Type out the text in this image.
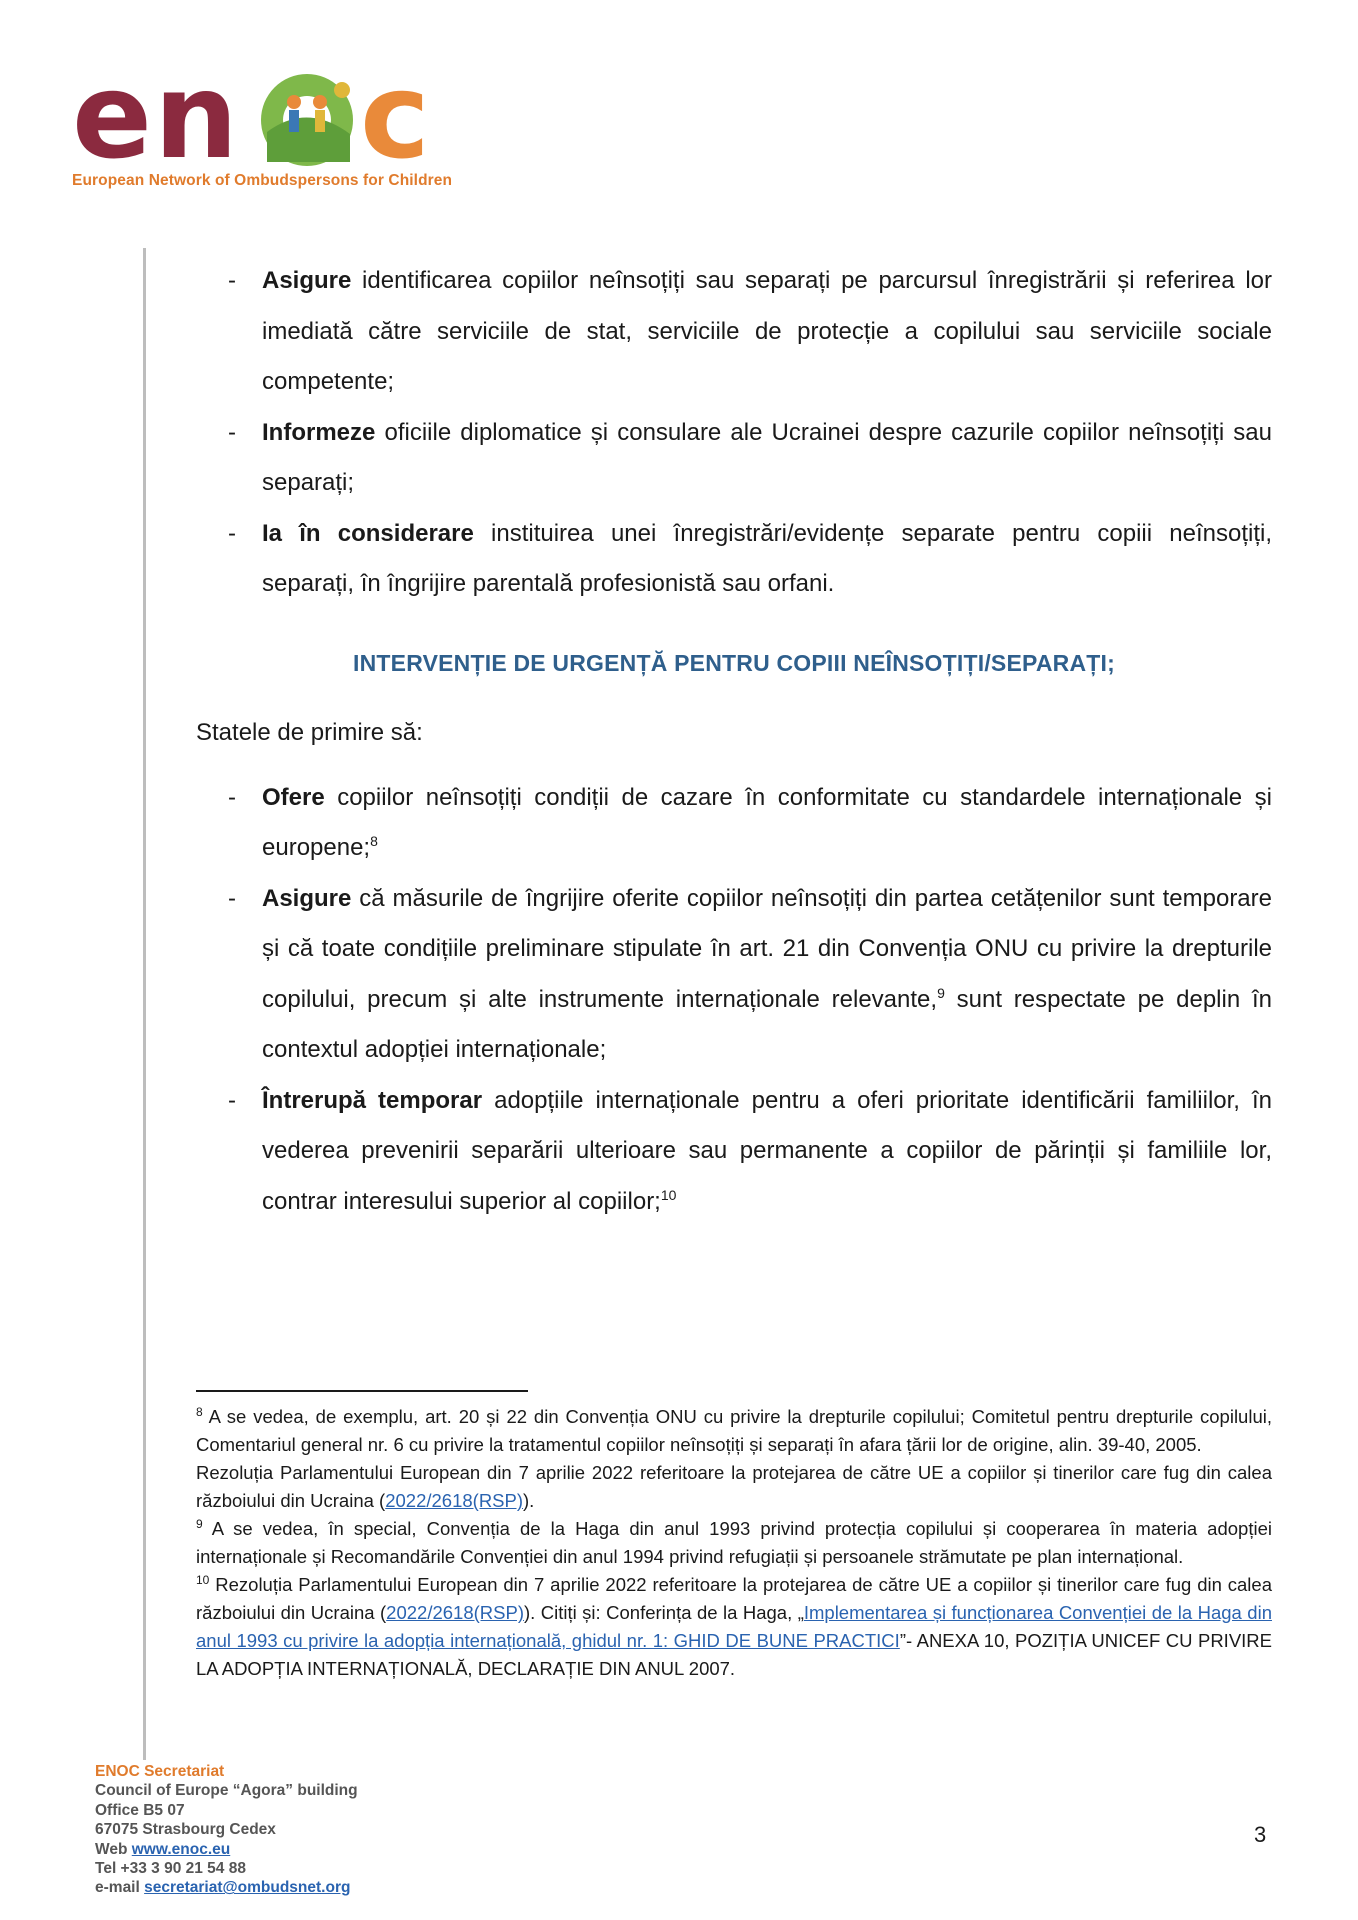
e n c
European Network of Ombudspersons for Children
- Asigure identificarea copiilor neînsoțiți sau separați pe parcursul înregistrării și referirea lor imediată către serviciile de stat, serviciile de protecție a copilului sau serviciile sociale competente;
- Informeze oficiile diplomatice și consulare ale Ucrainei despre cazurile copiilor neînsoțiți sau separați;
- Ia în considerare instituirea unei înregistrări/evidențe separate pentru copiii neînsoțiți, separați, în îngrijire parentală profesionistă sau orfani.
INTERVENȚIE DE URGENȚĂ PENTRU COPIII NEÎNSOȚIȚI/SEPARAȚI;
Statele de primire să:
- Ofere copiilor neînsoțiți condiții de cazare în conformitate cu standardele internaționale și europene;$^8$
- Asigure că măsurile de îngrijire oferite copiilor neînsoțiți din partea cetățenilor sunt temporare și că toate condițiile preliminare stipulate în art. 21 din Convenția ONU cu privire la drepturile copilului, precum și alte instrumente internaționale relevante,$^9$ sunt respectate pe deplin în contextul adopției internaționale;
- Întrerupă temporar adopțiile internaționale pentru a oferi prioritate identificării familiilor, în vederea prevenirii separării ulterioare sau permanente a copiilor de părinții și familiile lor, contrar interesului superior al copiilor;$^{10}$

$^8$ A se vedea, de exemplu, art. 20 și 22 din Convenția ONU cu privire la drepturile copilului; Comitetul pentru drepturile copilului, Comentariul general nr. 6 cu privire la tratamentul copiilor neînsoțiți și separați în afara țării lor de origine, alin. 39-40, 2005.

Rezoluția Parlamentului European din 7 aprilie 2022 referitoare la protejarea de către UE a copiilor și tinerilor care fug din calea războiului din Ucraina (2022/2618(RSP)).

$^9$ A se vedea, în special, Convenția de la Haga din anul 1993 privind protecția copilului și cooperarea în materia adopției internaționale și Recomandările Convenției din anul 1994 privind refugiații și persoanele strămutate pe plan internațional.

$^{10}$ Rezoluția Parlamentului European din 7 aprilie 2022 referitoare la protejarea de către UE a copiilor și tinerilor care fug din calea războiului din Ucraina (2022/2618(RSP)). Citiți și: Conferința de la Haga, „Implementarea și funcționarea Convenției de la Haga din anul 1993 cu privire la adopția internațională, ghidul nr. 1: GHID DE BUNE PRACTICI”- ANEXA 10, POZIȚIA UNICEF CU PRIVIRE LA ADOPȚIA INTERNAȚIONALĂ, DECLARAȚIE DIN ANUL 2007.

ENOC Secretariat
Council of Europe “Agora” building
Office B5 07
67075 Strasbourg Cedex
Web www.enoc.eu
Tel +33 3 90 21 54 88
e-mail secretariat@ombudsnet.org
3
